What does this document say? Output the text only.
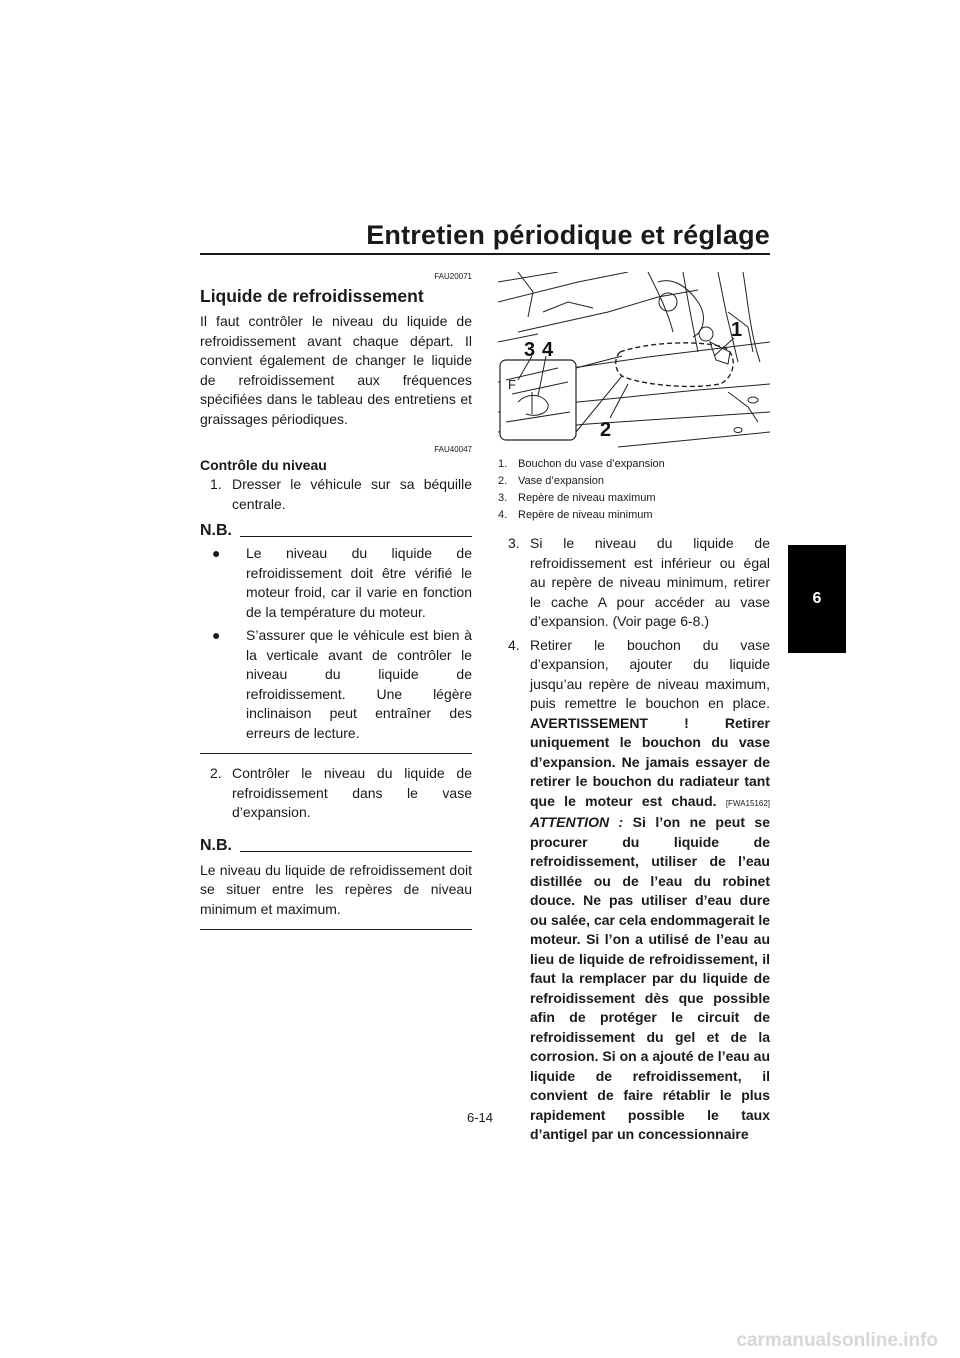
Entretien périodique et réglage
6

FAU20071

Liquide de refroidissement

Il faut contrôler le niveau du liquide de refroidissement avant chaque départ. Il convient également de changer le liquide de refroidissement aux fréquences spécifiées dans le tableau des entretiens et graissages périodiques.

FAU40047

Contrôle du niveau
1. Dresser le véhicule sur sa béquille centrale.
N.B.
● Le niveau du liquide de refroidissement doit être vérifié le moteur froid, car il varie en fonction de la température du moteur.
● S’assurer que le véhicule est bien à la verticale avant de contrôler le niveau du liquide de refroidissement. Une légère inclinaison peut entraîner des erreurs de lecture.
2. Contrôler le niveau du liquide de refroidissement dans le vase d’expansion.
N.B.

Le niveau du liquide de refroidissement doit se situer entre les repères de niveau minimum et maximum.

F
3 4
1
2
1. Bouchon du vase d’expansion
2. Vase d’expansion
3. Repère de niveau maximum
4. Repère de niveau minimum
3. Si le niveau du liquide de refroidissement est inférieur ou égal au repère de niveau minimum, retirer le cache A pour accéder au vase d’expansion. (Voir page 6-8.)
4. Retirer le bouchon du vase d’expansion, ajouter du liquide jusqu’au repère de niveau maximum, puis remettre le bouchon en place. AVERTISSEMENT ! Retirer uniquement le bouchon du vase d’expansion. Ne jamais essayer de retirer le bouchon du radiateur tant que le moteur est chaud. [FWA15162] ATTENTION : Si l’on ne peut se procurer du liquide de refroidissement, utiliser de l’eau distillée ou de l’eau du robinet douce. Ne pas utiliser d’eau dure ou salée, car cela endommagerait le moteur. Si l’on a utilisé de l’eau au lieu de liquide de refroidissement, il faut la remplacer par du liquide de refroidissement dès que possible afin de protéger le circuit de refroidissement du gel et de la corrosion. Si on a ajouté de l’eau au liquide de refroidissement, il convient de faire rétablir le plus rapidement possible le taux d’antigel par un concessionnaire
6-14
carmanualsonline.info
